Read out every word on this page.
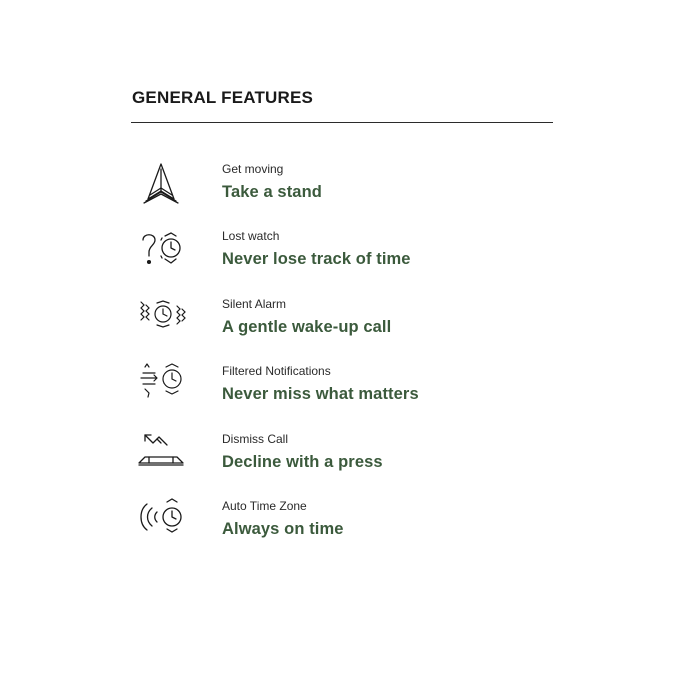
GENERAL FEATURES
Get moving
Take a stand
Lost watch
Never lose track of time
Silent Alarm
A gentle wake-up call
Filtered Notifications
Never miss what matters
Dismiss Call
Decline with a press
Auto Time Zone
Always on time
